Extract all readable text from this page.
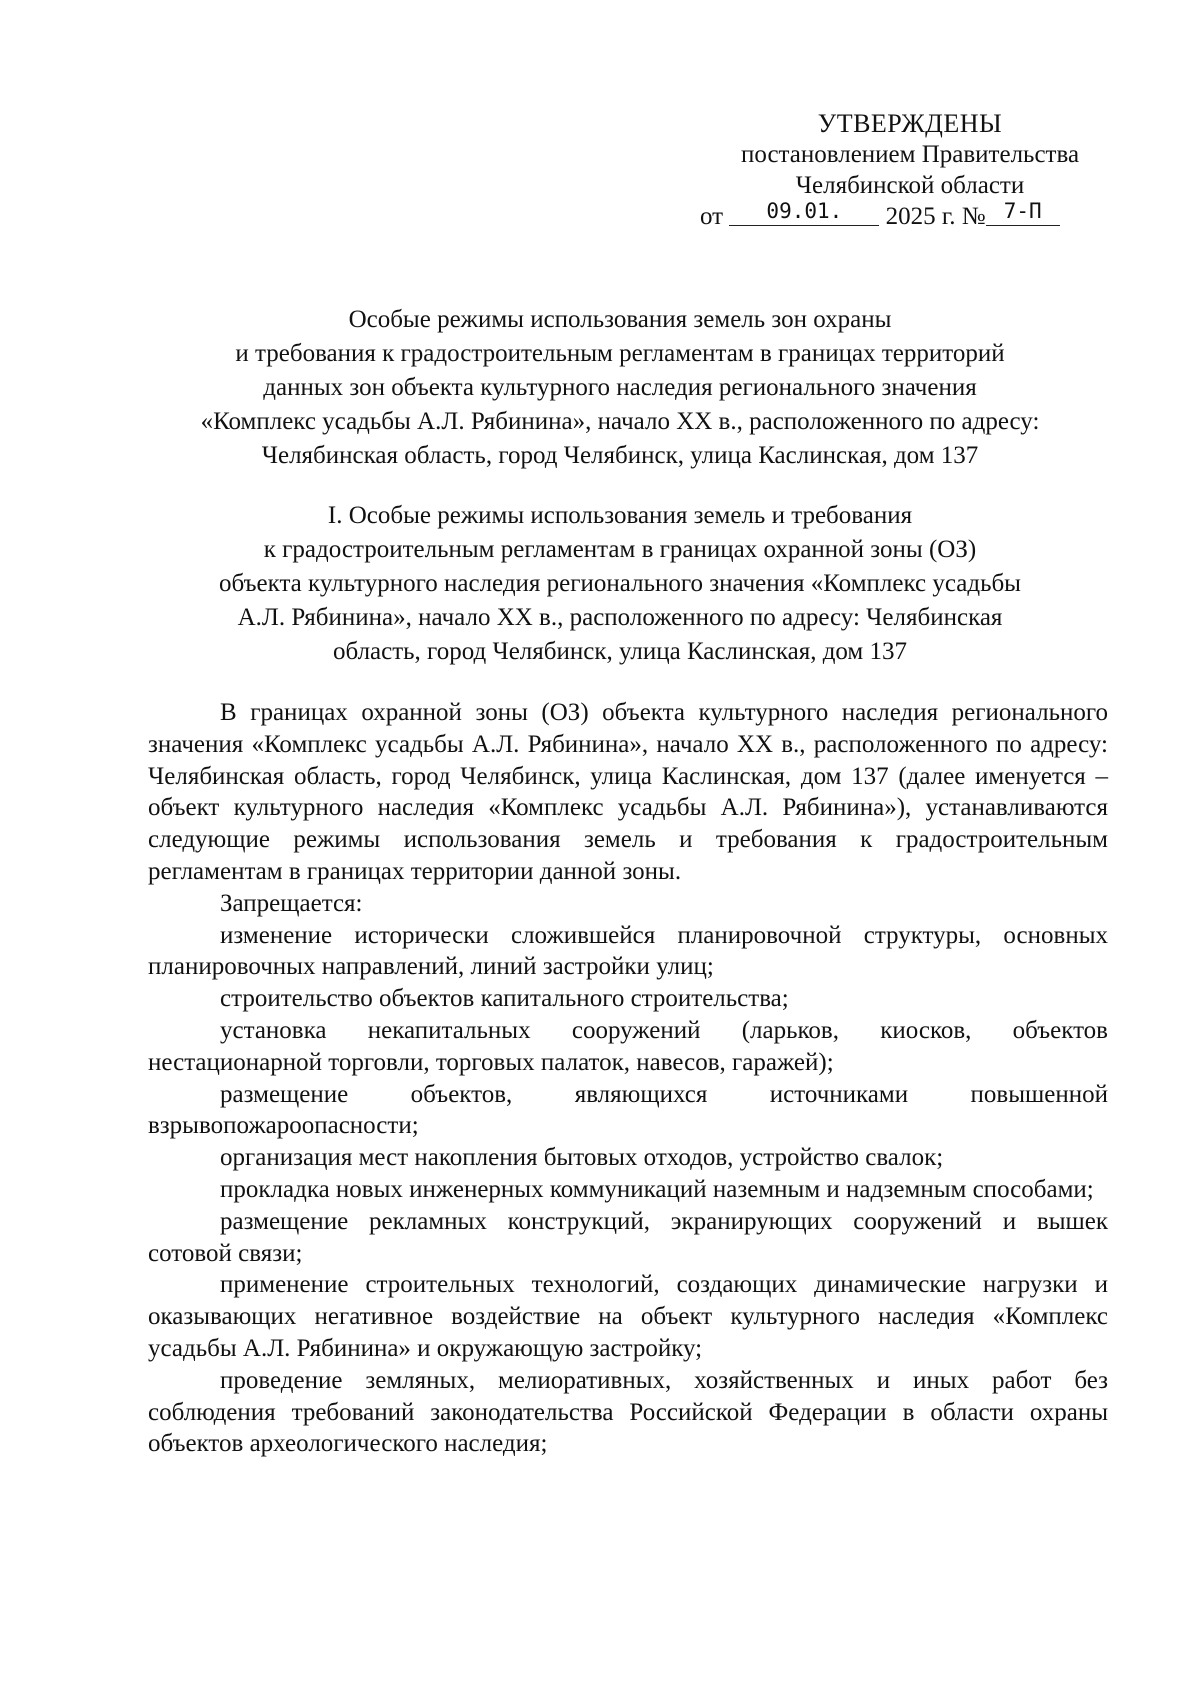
УТВЕРЖДЕНЫ
постановлением Правительства
Челябинской области
от $^{09.01.}$ 2025 г. № $^{7-П}$
Особые режимы использования земель зон охраны
и требования к градостроительным регламентам в границах территорий
данных зон объекта культурного наследия регионального значения
«Комплекс усадьбы А.Л. Рябинина», начало XX в., расположенного по адресу:
Челябинская область, город Челябинск, улица Каслинская, дом 137
I. Особые режимы использования земель и требования
к градостроительным регламентам в границах охранной зоны (ОЗ)
объекта культурного наследия регионального значения «Комплекс усадьбы
А.Л. Рябинина», начало XX в., расположенного по адресу: Челябинская
область, город Челябинск, улица Каслинская, дом 137

В границах охранной зоны (ОЗ) объекта культурного наследия регионального значения «Комплекс усадьбы А.Л. Рябинина», начало XX в., расположенного по адресу: Челябинская область, город Челябинск, улица Каслинская, дом 137 (далее именуется – объект культурного наследия «Комплекс усадьбы А.Л. Рябинина»), устанавливаются следующие режимы использования земель и требования к градостроительным регламентам в границах территории данной зоны.

Запрещается:

изменение исторически сложившейся планировочной структуры, основных планировочных направлений, линий застройки улиц;

строительство объектов капитального строительства;

установка некапитальных сооружений (ларьков, киосков, объектов нестационарной торговли, торговых палаток, навесов, гаражей);

размещение объектов, являющихся источниками повышенной взрывопожароопасности;

организация мест накопления бытовых отходов, устройство свалок;

прокладка новых инженерных коммуникаций наземным и надземным способами;

размещение рекламных конструкций, экранирующих сооружений и вышек сотовой связи;

применение строительных технологий, создающих динамические нагрузки и оказывающих негативное воздействие на объект культурного наследия «Комплекс усадьбы А.Л. Рябинина» и окружающую застройку;

проведение земляных, мелиоративных, хозяйственных и иных работ без соблюдения требований законодательства Российской Федерации в области охраны объектов археологического наследия;
